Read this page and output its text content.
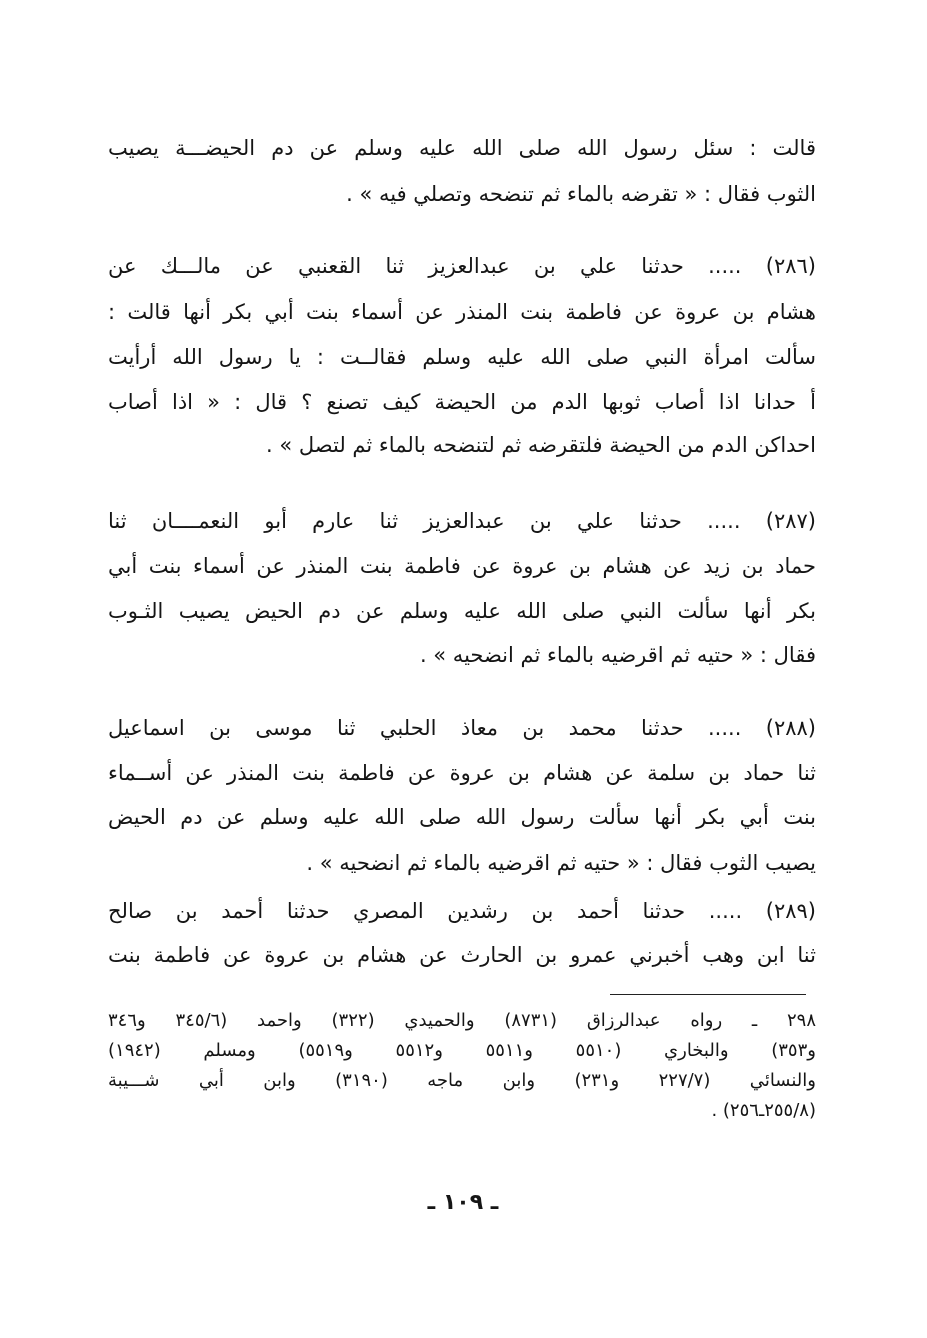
قالت : سئل رسول الله صلى الله عليه وسلم عن دم الحيضـــة يصيب
الثوب فقال : « تقرضه بالماء ثم تنضحه وتصلي فيه » .
(٢٨٦) ..... حدثنا علي بن عبدالعزيز ثنا القعنبي عن مالـــك عن
هشام بن عروة عن فاطمة بنت المنذر عن أسماء بنت أبي بكر أنها قالت :
سألت امرأة النبي صلى الله عليه وسلم فقالــت : يا رسول الله أرأيت
أ حدانا اذا أصاب ثوبها الدم من الحيضة كيف تصنع ؟ قال : « اذا أصاب
احداكن الدم من الحيضة فلتقرضه ثم لتنضحه بالماء ثم لتصل » .
(٢٨٧) ..... حدثنا علي بن عبدالعزيز ثنا عارم أبو النعمــــان ثنا
حماد بن زيد عن هشام بن عروة عن فاطمة بنت المنذر عن أسماء بنت أبي
بكر أنها سألت النبي صلى الله عليه وسلم عن دم الحيض يصيب الثـوب
فقال : « حتيه ثم اقرضيه بالماء ثم انضحيه » .
(٢٨٨) ..... حدثنا محمد بن معاذ الحلبي ثنا موسى بن اسماعيل
ثنا حماد بن سلمة عن هشام بن عروة عن فاطمة بنت المنذر عن أســماء
بنت أبي بكر أنها سألت رسول الله صلى الله عليه وسلم عن دم الحيض
يصيب الثوب فقال : « حتيه ثم اقرضيه بالماء ثم انضحيه » .
(٢٨٩) ..... حدثنا أحمد بن رشدين المصري حدثنا أحمد بن صالح
ثنا ابن وهب أخبرني عمرو بن الحارث عن هشام بن عروة عن فاطمة بنت
٢٩٨ ـ رواه عبدالرزاق (٨٧٣١) والحميدي (٣٢٢) واحمد (٣٤٥/٦ و٣٤٦
و٣٥٣) والبخاري (٥٥١٠ و٥٥١١ و٥٥١٢ و٥٥١٩) ومسلم (١٩٤٢)
والنسائي (٢٢٧/٧ و٢٣١) وابن ماجه (٣١٩٠) وابن أبي شـــيبة
(٢٥٥/٨ـ٢٥٦) .
ـ ١٠٩ ـ
